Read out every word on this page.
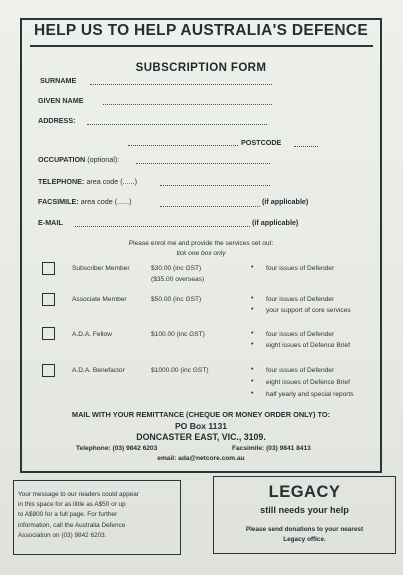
HELP US TO HELP AUSTRALIA'S DEFENCE
SUBSCRIPTION FORM
SURNAME
GIVEN NAME
ADDRESS:
POSTCODE
OCCUPATION (optional):
TELEPHONE: area code (......)
FACSIMILE: area code (......)	(if applicable)
E-MAIL	(if applicable)
Please enrol me and provide the services set out:
tick one box only
Subscriber Member	$30.00 (inc GST)
($35.00 overseas)
• four issues of Defender
Associate Member	$50.00 (inc GST)	• four issues of Defender
• your support of core services
A.D.A. Fellow	$100.00 (inc GST)	• four issues of Defender
• eight issues of Defence Brief
A.D.A. Benefactor	$1000.00 (inc GST)	• four issues of Defender
• eight issues of Defence Brief
• half yearly and special reports
MAIL WITH YOUR REMITTANCE (CHEQUE OR MONEY ORDER ONLY) TO:
PO Box 1131
DONCASTER EAST, VIC., 3109.
Telephone: (03) 9842 6203	Facsimile: (03) 9841 8413
email: ada@netcore.com.au
Your message to our readers could appear
in this space for as little as A$50 or up
to A$800 for a full page. For further
information, call the Australia Defence
Association on (03) 9842 6203.
LEGACY
still needs your help
Please send donations to your nearest
Legacy office.
